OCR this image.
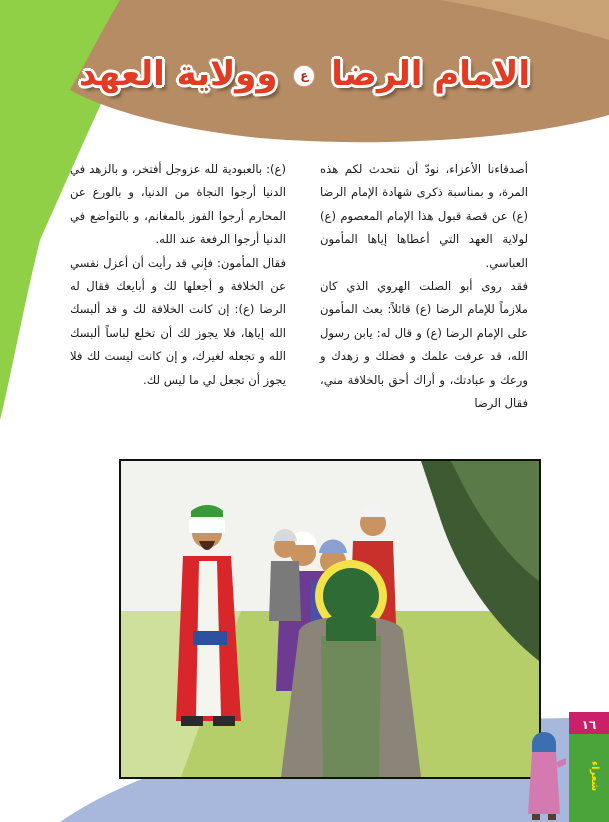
الامام الرضا ع وولاية العهد

أصدقاءنا الأعزاء، نودّ أن نتحدث لكم هذه المرة، و بمناسبة ذكرى شهادة الإمام الرضا (ع) عن قصة قبول هذا الإمام المعصوم (ع) لولاية العهد التي أعطاها إياها المأمون العباسي.

فقد روى أبو الصلت الهروي الذي كان ملازماً للإمام الرضا (ع) قائلاً: بعث المأمون على الإمام الرضا (ع) و قال له: يابن رسول الله، قد عرفت علمك و فضلك و زهدك و ورعك و عبادتك، و أراك أحق بالخلافة مني، فقال الرضا

(ع): بالعبودية لله عزوجل أفتخر، و بالزهد في الدنيا أرجوا النجاة من الدنيا، و بالورع عن المحارم أرجوا الفوز بالمغانم، و بالتواضع في الدنيا أرجوا الرفعة عند الله.

فقال المأمون: فإني قد رأيت أن أعزل نفسي عن الخلافة و أجعلها لك و أبايعك فقال له الرضا (ع): إن كانت الخلافة لك و قد ألبسك الله إياها، فلا يجوز لك أن تخلع لباساً ألبسك الله و تجعله لغيرك، و إن كانت ليست لك فلا يجوز أن تجعل لي ما ليس لك.

١٦
شعراء
